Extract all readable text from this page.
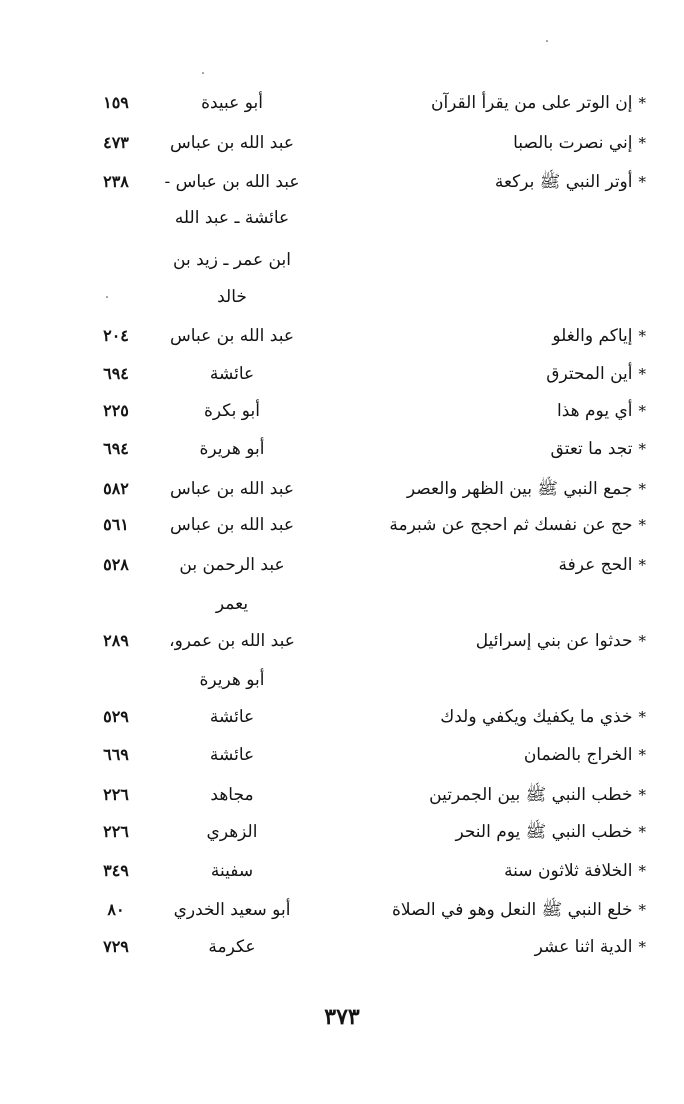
*إن الوتر على من يقرأ القرآن
أبو عبيدة
١٥٩
*إني نصرت بالصبا
عبد الله بن عباس
٤٧٣
*أوتر النبي ﷺ بركعة
عبد الله بن عباس -
٢٣٨
عائشة ـ عبد الله
ابن عمر ـ زيد بن
خالد
*إياكم والغلو
عبد الله بن عباس
٢٠٤
*أين المحترق
عائشة
٦٩٤
*أي يوم هذا
أبو بكرة
٢٢٥
*تجد ما تعتق
أبو هريرة
٦٩٤
*جمع النبي ﷺ بين الظهر والعصر
عبد الله بن عباس
٥٨٢
*حج عن نفسك ثم احجج عن شبرمة
عبد الله بن عباس
٥٦١
*الحج عرفة
عبد الرحمن بن
٥٢٨
يعمر
*حدثوا عن بني إسرائيل
عبد الله بن عمرو،
٢٨٩
أبو هريرة
*خذي ما يكفيك ويكفي ولدك
عائشة
٥٢٩
*الخراج بالضمان
عائشة
٦٦٩
*خطب النبي ﷺ بين الجمرتين
مجاهد
٢٢٦
*خطب النبي ﷺ يوم النحر
الزهري
٢٢٦
*الخلافة ثلاثون سنة
سفينة
٣٤٩
*خلع النبي ﷺ النعل وهو في الصلاة
أبو سعيد الخدري
٨٠
*الدية اثنا عشر
عكرمة
٧٢٩
٣٧٣
